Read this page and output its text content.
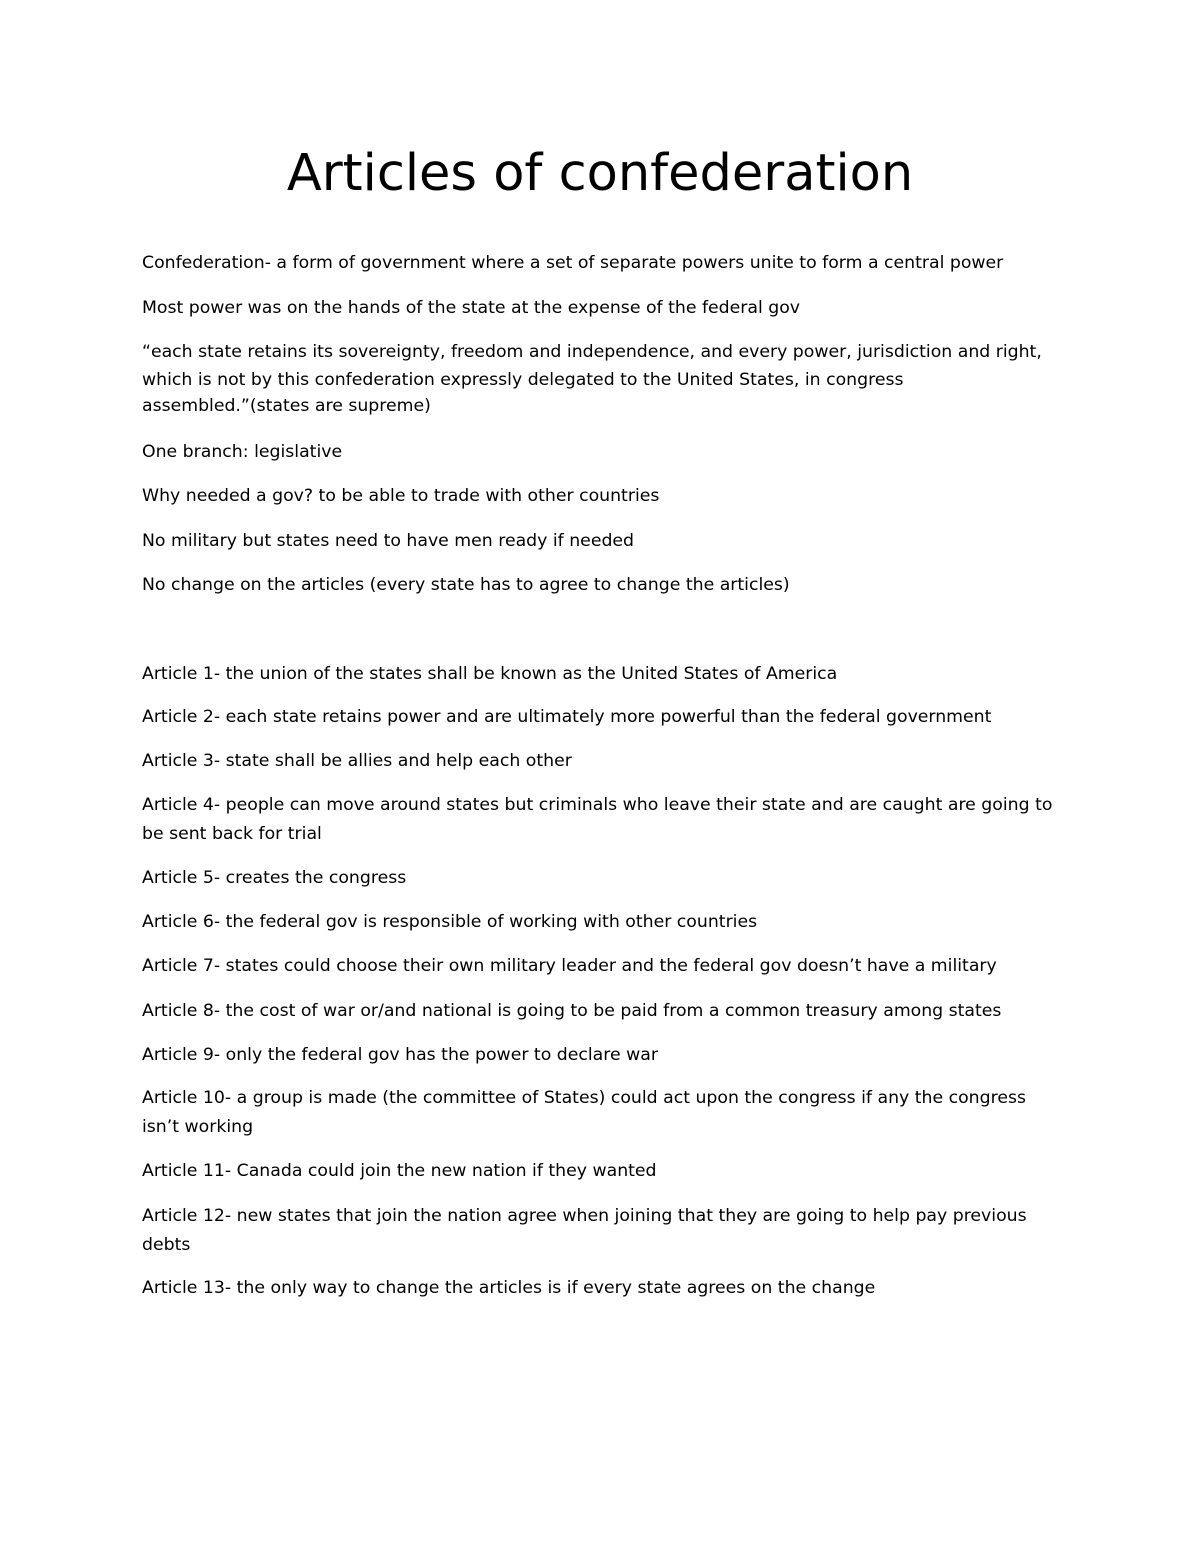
Articles of confederation

Confederation- a form of government where a set of separate powers unite to form a central power

Most power was on the hands of the state at the expense of the federal gov

“each state retains its sovereignty, freedom and independence, and every power, jurisdiction and right,
which is not by this confederation expressly delegated to the United States, in congress
assembled.”(states are supreme)

One branch: legislative

Why needed a gov? to be able to trade with other countries

No military but states need to have men ready if needed

No change on the articles (every state has to agree to change the articles)

Article 1- the union of the states shall be known as the United States of America

Article 2- each state retains power and are ultimately more powerful than the federal government

Article 3- state shall be allies and help each other

Article 4- people can move around states but criminals who leave their state and are caught are going to
be sent back for trial

Article 5- creates the congress

Article 6- the federal gov is responsible of working with other countries

Article 7- states could choose their own military leader and the federal gov doesn’t have a military

Article 8- the cost of war or/and national is going to be paid from a common treasury among states

Article 9- only the federal gov has the power to declare war

Article 10- a group is made (the committee of States) could act upon the congress if any the congress
isn’t working

Article 11- Canada could join the new nation if they wanted

Article 12- new states that join the nation agree when joining that they are going to help pay previous
debts

Article 13- the only way to change the articles is if every state agrees on the change
